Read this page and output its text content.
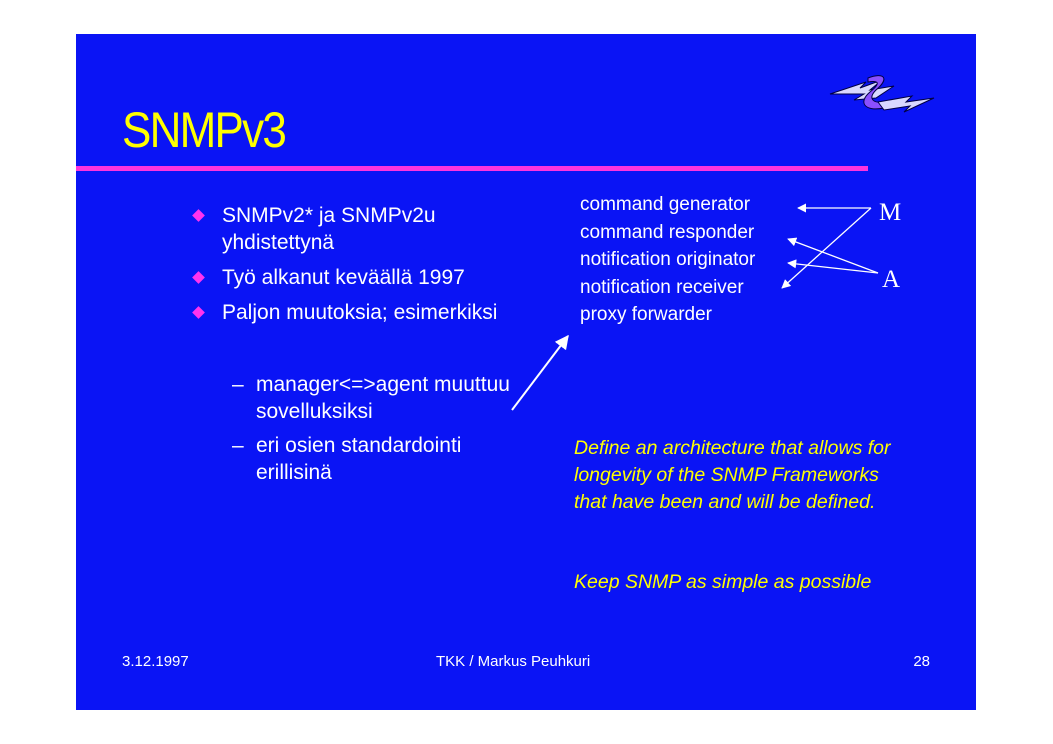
SNMPv3
SNMPv2* ja SNMPv2u yhdistettynä
Työ alkanut keväällä 1997
Paljon muutoksia; esimerkiksi
– manager<=>agent muuttuu sovelluksiksi
– eri osien standardointi erillisinä
command generator
command responder
notification originator
notification receiver
proxy forwarder
M
A

Define an architecture that allows for longevity of the SNMP Frameworks that have been and will be defined.

Keep SNMP as simple as possible

3.12.1997	TKK / Markus Peuhkuri	28
